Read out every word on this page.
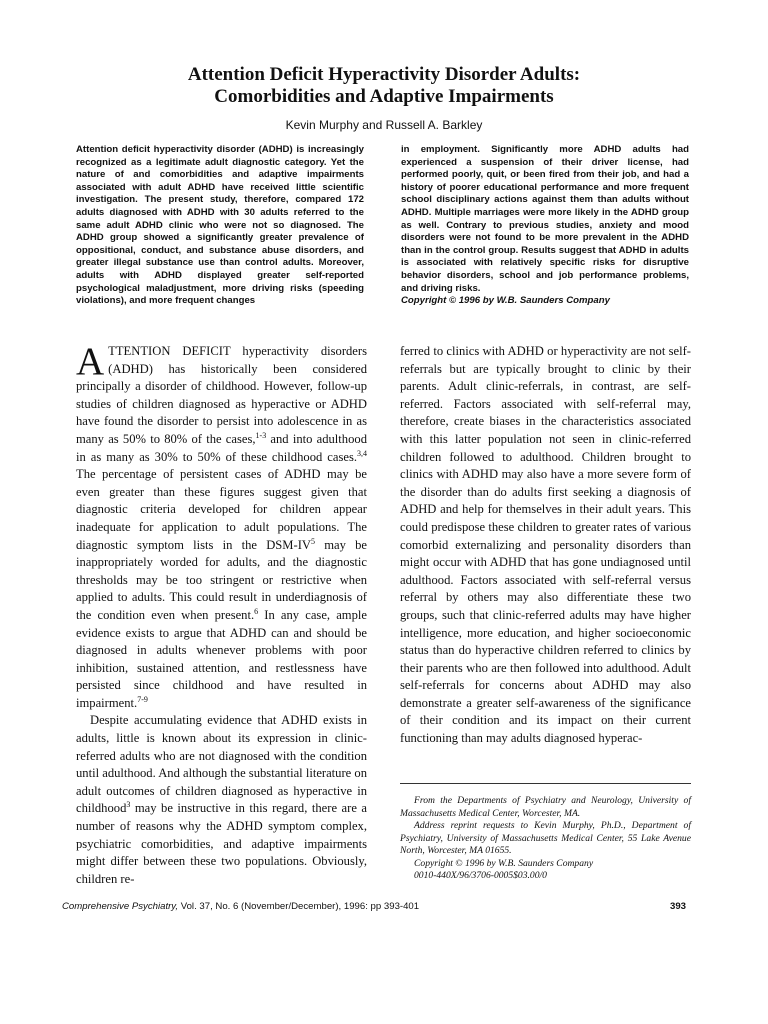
Attention Deficit Hyperactivity Disorder Adults:
Comorbidities and Adaptive Impairments
Kevin Murphy and Russell A. Barkley
Attention deficit hyperactivity disorder (ADHD) is increasingly recognized as a legitimate adult diagnostic category. Yet the nature of and comorbidities and adaptive impairments associated with adult ADHD have received little scientific investigation. The present study, therefore, compared 172 adults diagnosed with ADHD with 30 adults referred to the same adult ADHD clinic who were not so diagnosed. The ADHD group showed a significantly greater prevalence of oppositional, conduct, and substance abuse disorders, and greater illegal substance use than control adults. Moreover, adults with ADHD displayed greater self-reported psychological maladjustment, more driving risks (speeding violations), and more frequent changes
in employment. Significantly more ADHD adults had experienced a suspension of their driver license, had performed poorly, quit, or been fired from their job, and had a history of poorer educational performance and more frequent school disciplinary actions against them than adults without ADHD. Multiple marriages were more likely in the ADHD group as well. Contrary to previous studies, anxiety and mood disorders were not found to be more prevalent in the ADHD than in the control group. Results suggest that ADHD in adults is associated with relatively specific risks for disruptive behavior disorders, school and job performance problems, and driving risks.
Copyright © 1996 by W.B. Saunders Company

ATTENTION DEFICIT hyperactivity disorders (ADHD) has historically been considered principally a disorder of childhood. However, follow-up studies of children diagnosed as hyperactive or ADHD have found the disorder to persist into adolescence in as many as 50% to 80% of the cases,$^{1-3}$ and into adulthood in as many as 30% to 50% of these childhood cases.$^{3,4}$ The percentage of persistent cases of ADHD may be even greater than these figures suggest given that diagnostic criteria developed for children appear inadequate for application to adult populations. The diagnostic symptom lists in the DSM-$IV^5$ may be inappropriately worded for adults, and the diagnostic thresholds may be too stringent or restrictive when applied to adults. This could result in underdiagnosis of the condition even when present.$^6$ In any case, ample evidence exists to argue that ADHD can and should be diagnosed in adults whenever problems with poor inhibition, sustained attention, and restlessness have persisted since childhood and have resulted in impairment.$^{7-9}$

Despite accumulating evidence that ADHD exists in adults, little is known about its expression in clinic-referred adults who are not diagnosed with the condition until adulthood. And although the substantial literature on adult outcomes of children diagnosed as hyperactive in childhood$^3$ may be instructive in this regard, there are a number of reasons why the ADHD symptom complex, psychiatric comorbidities, and adaptive impairments might differ between these two populations. Obviously, children re-

ferred to clinics with ADHD or hyperactivity are not self-referrals but are typically brought to clinic by their parents. Adult clinic-referrals, in contrast, are self-referred. Factors associated with self-referral may, therefore, create biases in the characteristics associated with this latter population not seen in clinic-referred children followed to adulthood. Children brought to clinics with ADHD may also have a more severe form of the disorder than do adults first seeking a diagnosis of ADHD and help for themselves in their adult years. This could predispose these children to greater rates of various comorbid externalizing and personality disorders than might occur with ADHD that has gone undiagnosed until adulthood. Factors associated with self-referral versus referral by others may also differentiate these two groups, such that clinic-referred adults may have higher intelligence, more education, and higher socioeconomic status than do hyperactive children referred to clinics by their parents who are then followed into adulthood. Adult self-referrals for concerns about ADHD may also demonstrate a greater self-awareness of the significance of their condition and its impact on their current functioning than may adults diagnosed hyperac-

From the Departments of Psychiatry and Neurology, University of Massachusetts Medical Center, Worcester, MA.

Address reprint requests to Kevin Murphy, Ph.D., Department of Psychiatry, University of Massachusetts Medical Center, 55 Lake Avenue North, Worcester, MA 01655.

Copyright © 1996 by W.B. Saunders Company

0010-440X/96/3706-0005$03.00/0

Comprehensive Psychiatry, Vol. 37, No. 6 (November/December), 1996: pp 393-401	393
